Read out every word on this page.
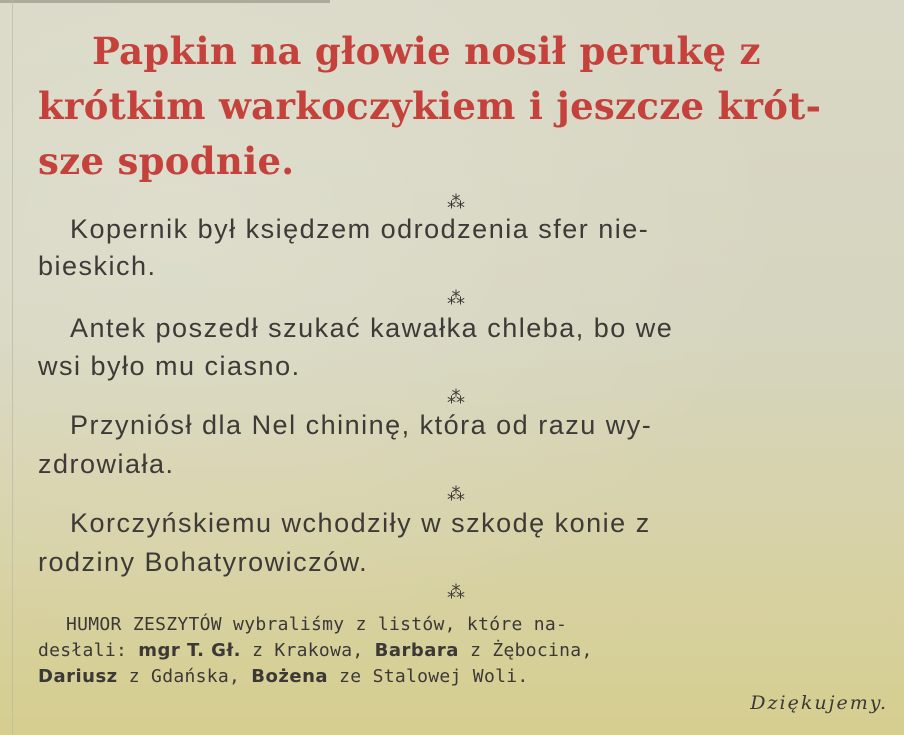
Papkin na głowie nosił perukę z
krótkim warkoczykiem i jeszcze krót-
sze spodnie.
⁂
Kopernik był księdzem odrodzenia sfer nie-
bieskich.
⁂
Antek poszedł szukać kawałka chleba, bo we
wsi było mu ciasno.
⁂
Przyniósł dla Nel chininę, która od razu wy-
zdrowiała.
⁂
Korczyńskiemu wchodziły w szkodę konie z
rodziny Bohatyrowiczów.
⁂
HUMOR ZESZYTÓW wybraliśmy z listów, które na-
desłali: mgr T. Gł. z Krakowa, Barbara z Żębocina,
Dariusz z Gdańska, Bożena ze Stalowej Woli.
Dziękujemy.
